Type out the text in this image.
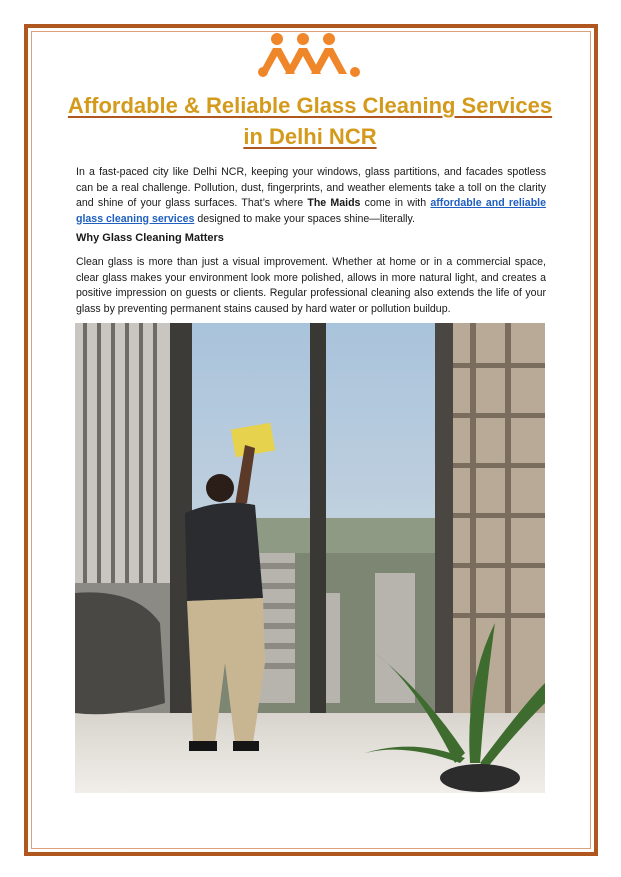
Affordable & Reliable Glass Cleaning Services
in Delhi NCR

In a fast-paced city like Delhi NCR, keeping your windows, glass partitions, and facades spotless can be a real challenge. Pollution, dust, fingerprints, and weather elements take a toll on the clarity and shine of your glass surfaces. That’s where The Maids come in with affordable and reliable glass cleaning services designed to make your spaces shine—literally.

Why Glass Cleaning Matters

Clean glass is more than just a visual improvement. Whether at home or in a commercial space, clear glass makes your environment look more polished, allows in more natural light, and creates a positive impression on guests or clients. Regular professional cleaning also extends the life of your glass by preventing permanent stains caused by hard water or pollution buildup.
